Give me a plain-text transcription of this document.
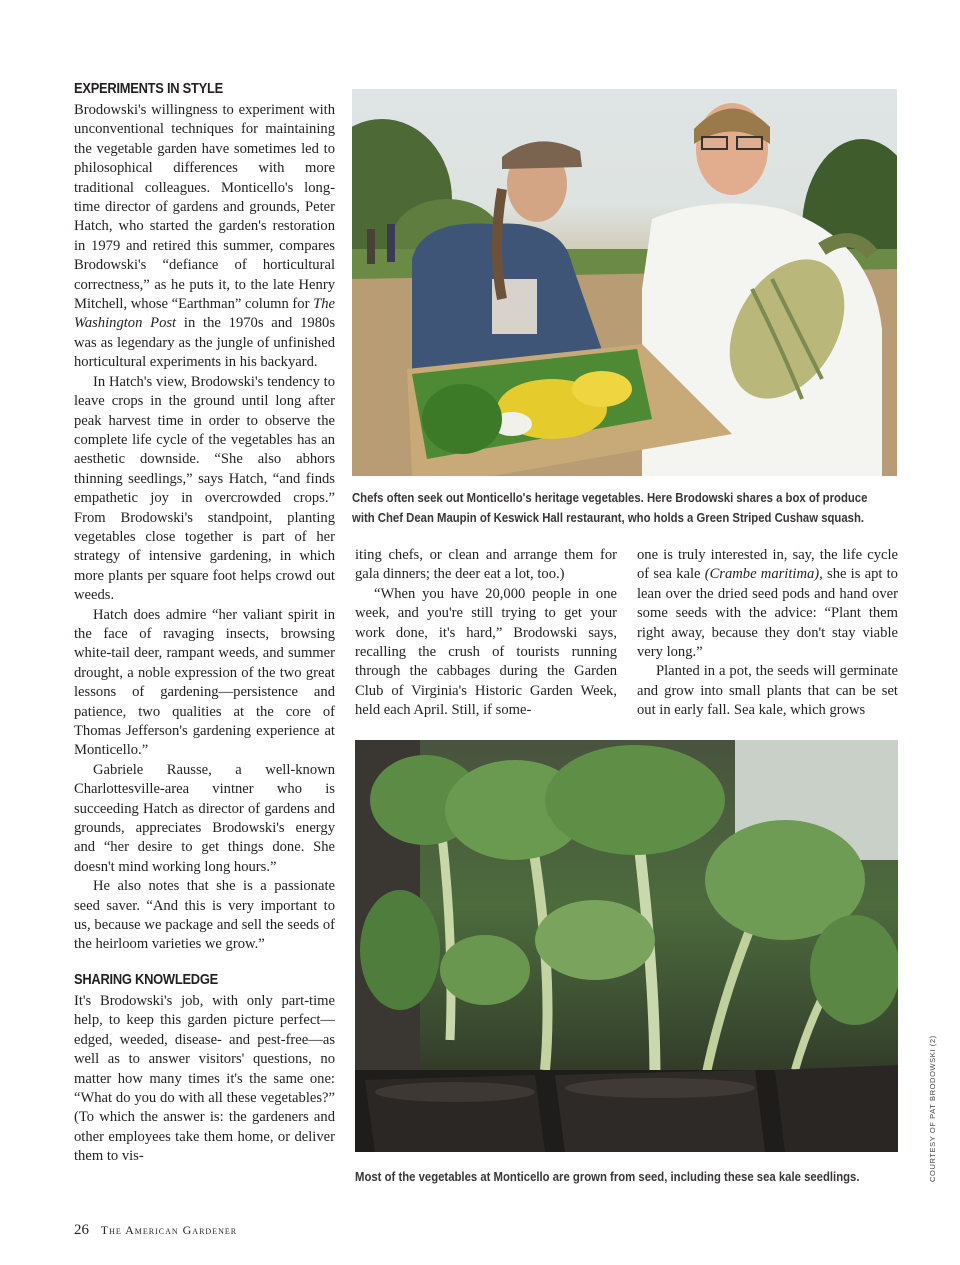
EXPERIMENTS IN STYLE

Brodowski's willingness to experiment with unconventional techniques for maintaining the vegetable garden have sometimes led to philosophical differences with more traditional colleagues. Monticello's long-time director of gardens and grounds, Peter Hatch, who started the garden's restoration in 1979 and retired this summer, compares Brodowski's “defiance of horticultural correctness,” as he puts it, to the late Henry Mitchell, whose “Earthman” column for The Washington Post in the 1970s and 1980s was as legendary as the jungle of unfinished horticultural experiments in his backyard.

In Hatch's view, Brodowski's tendency to leave crops in the ground until long after peak harvest time in order to observe the complete life cycle of the vegetables has an aesthetic downside. “She also abhors thinning seedlings,” says Hatch, “and finds empathetic joy in overcrowded crops.” From Brodowski's standpoint, planting vegetables close together is part of her strategy of intensive gardening, in which more plants per square foot helps crowd out weeds.

Hatch does admire “her valiant spirit in the face of ravaging insects, browsing white-tail deer, rampant weeds, and summer drought, a noble expression of the two great lessons of gardening—persistence and patience, two qualities at the core of Thomas Jefferson's gardening experience at Monticello.”

Gabriele Rausse, a well-known Charlottesville-area vintner who is succeeding Hatch as director of gardens and grounds, appreciates Brodowski's energy and “her desire to get things done. She doesn't mind working long hours.”

He also notes that she is a passionate seed saver. “And this is very important to us, because we package and sell the seeds of the heirloom varieties we grow.”

SHARING KNOWLEDGE

It's Brodowski's job, with only part-time help, to keep this garden picture perfect—edged, weeded, disease- and pest-free—as well as to answer visitors' questions, no matter how many times it's the same one: “What do you do with all these vegetables?” (To which the answer is: the gardeners and other employees take them home, or deliver them to vis-

Chefs often seek out Monticello's heritage vegetables. Here Brodowski shares a box of produce
with Chef Dean Maupin of Keswick Hall restaurant, who holds a Green Striped Cushaw squash.

iting chefs, or clean and arrange them for gala dinners; the deer eat a lot, too.)

“When you have 20,000 people in one week, and you're still trying to get your work done, it's hard,” Brodowski says, recalling the crush of tourists running through the cabbages during the Garden Club of Virginia's Historic Garden Week, held each April. Still, if some-

one is truly interested in, say, the life cycle of sea kale (Crambe maritima), she is apt to lean over the dried seed pods and hand over some seeds with the advice: “Plant them right away, because they don't stay viable very long.”

Planted in a pot, the seeds will germinate and grow into small plants that can be set out in early fall. Sea kale, which grows

Most of the vegetables at Monticello are grown from seed, including these sea kale seedlings.	COURTESY OF PAT BRODOWSKI (2)
26 The American Gardener
